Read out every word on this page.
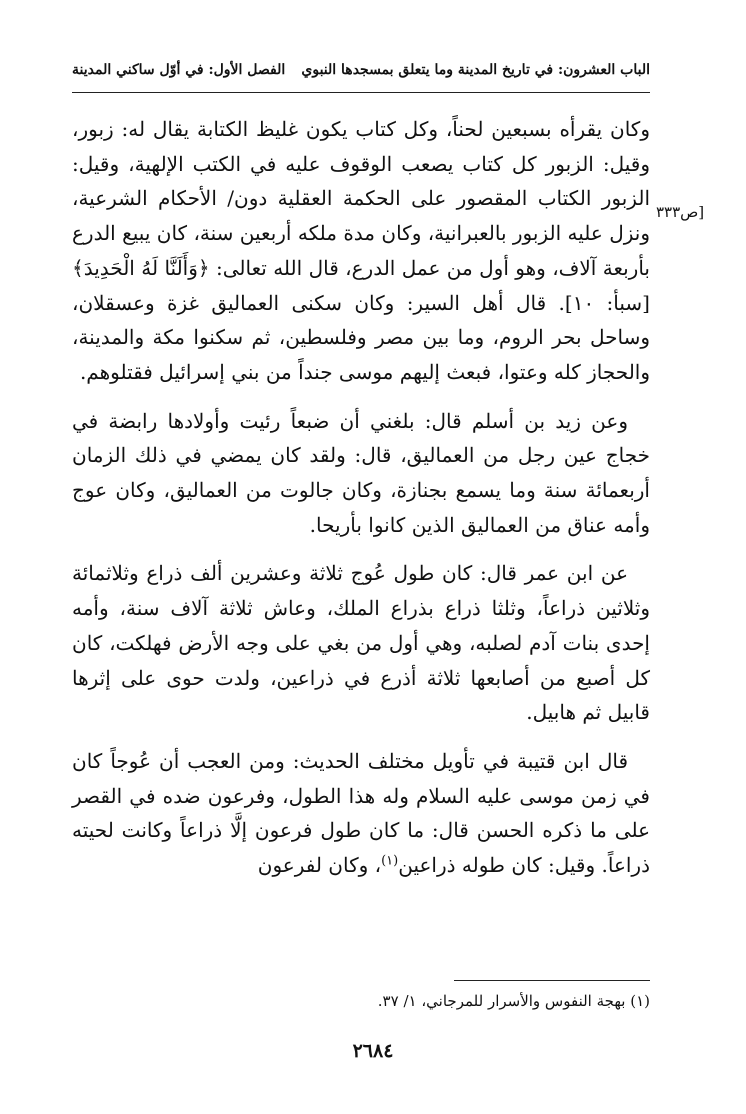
الباب العشرون: في تاريخ المدينة وما يتعلق بمسجدها النبوي
الفصل الأول: في أوّل ساكني المدينة
[ص٣٣٣

وكان يقرأه بسبعين لحناً، وكل كتاب يكون غليظ الكتابة يقال له: زبور، وقيل: الزبور كل كتاب يصعب الوقوف عليه في الكتب الإلهية، وقيل: الزبور الكتاب المقصور على الحكمة العقلية دون/ الأحكام الشرعية، ونزل عليه الزبور بالعبرانية، وكان مدة ملكه أربعين سنة، كان يبيع الدرع بأربعة آلاف، وهو أول من عمل الدرع، قال الله تعالى: ﴿وَأَلَنَّا لَهُ الْحَدِيدَ﴾ [سبأ: ١٠]. قال أهل السير: وكان سكنى العماليق غزة وعسقلان، وساحل بحر الروم، وما بين مصر وفلسطين، ثم سكنوا مكة والمدينة، والحجاز كله وعتوا، فبعث إليهم موسى جنداً من بني إسرائيل فقتلوهم.

وعن زيد بن أسلم قال: بلغني أن ضبعاً رئيت وأولادها رابضة في خجاج عين رجل من العماليق، قال: ولقد كان يمضي في ذلك الزمان أربعمائة سنة وما يسمع بجنازة، وكان جالوت من العماليق، وكان عوج وأمه عناق من العماليق الذين كانوا بأريحا.

عن ابن عمر قال: كان طول عُوج ثلاثة وعشرين ألف ذراع وثلاثمائة وثلاثين ذراعاً، وثلثا ذراع بذراع الملك، وعاش ثلاثة آلاف سنة، وأمه إحدى بنات آدم لصلبه، وهي أول من بغي على وجه الأرض فهلكت، كان كل أصبع من أصابعها ثلاثة أذرع في ذراعين، ولدت حوى على إثرها قابيل ثم هابيل.

قال ابن قتيبة في تأويل مختلف الحديث: ومن العجب أن عُوجاً كان في زمن موسى عليه السلام وله هذا الطول، وفرعون ضده في القصر على ما ذكره الحسن قال: ما كان طول فرعون إلَّا ذراعاً وكانت لحيته ذراعاً. وقيل: كان طوله ذراعين$^{(١)}$، وكان لفرعون

(١) بهجة النفوس والأسرار للمرجاني، ١/ ٣٧.
٢٦٨٤
